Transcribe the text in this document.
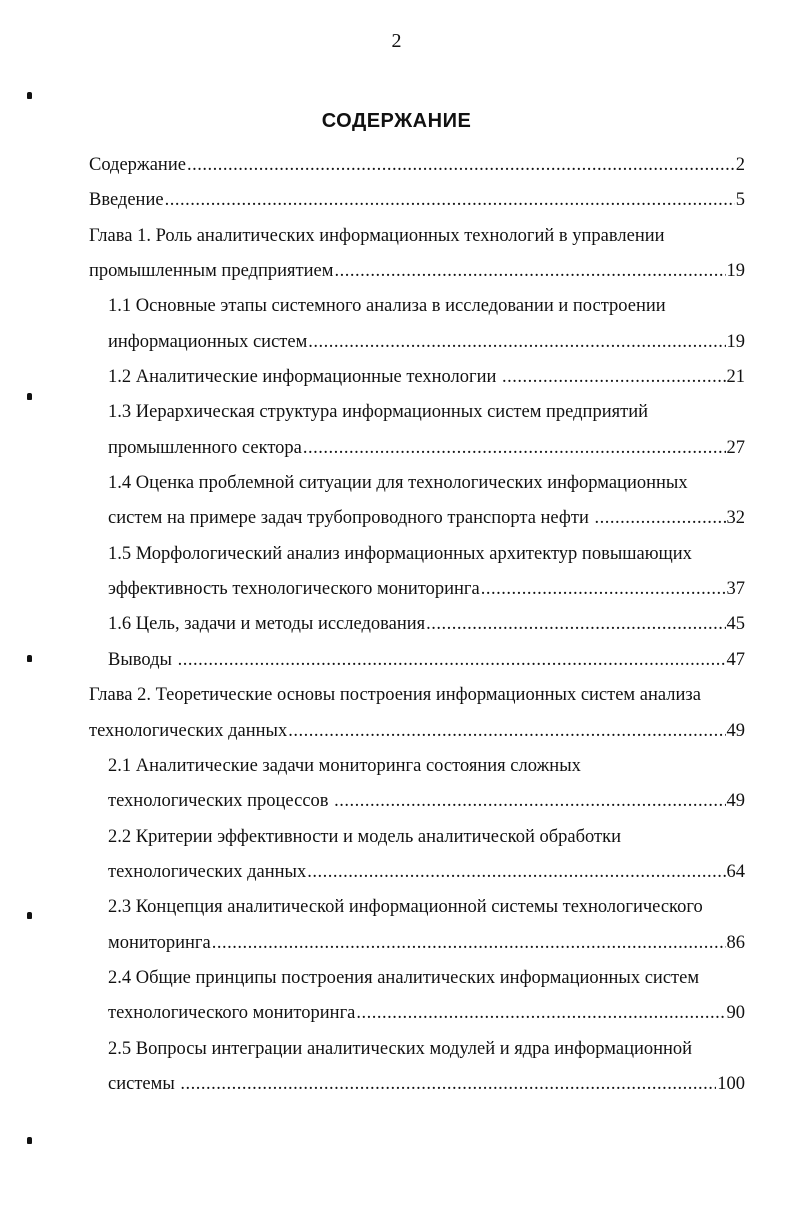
2
СОДЕРЖАНИЕ
Содержание .....	2
Введение .....	5
Глава 1. Роль аналитических информационных технологий в управлении
промышленным предприятием .....	19
1.1 Основные этапы системного анализа в исследовании и построении
информационных систем .....	19
1.2 Аналитические информационные технологии .....	21
1.3 Иерархическая структура информационных систем предприятий
промышленного сектора .....	27
1.4 Оценка проблемной ситуации для технологических информационных
систем на примере задач трубопроводного транспорта нефти .....	32
1.5 Морфологический анализ информационных архитектур повышающих
эффективность технологического мониторинга .....	37
1.6 Цель, задачи и методы исследования .....	45
Выводы .....	47
Глава 2. Теоретические основы построения информационных систем анализа
технологических данных .....	49
2.1 Аналитические задачи мониторинга состояния сложных
технологических процессов .....	49
2.2 Критерии эффективности и модель аналитической обработки
технологических данных .....	64
2.3 Концепция аналитической информационной системы технологического
мониторинга .....	86
2.4 Общие принципы построения аналитических информационных систем
технологического мониторинга .....	90
2.5 Вопросы интеграции аналитических модулей и ядра информационной
системы .....	100
